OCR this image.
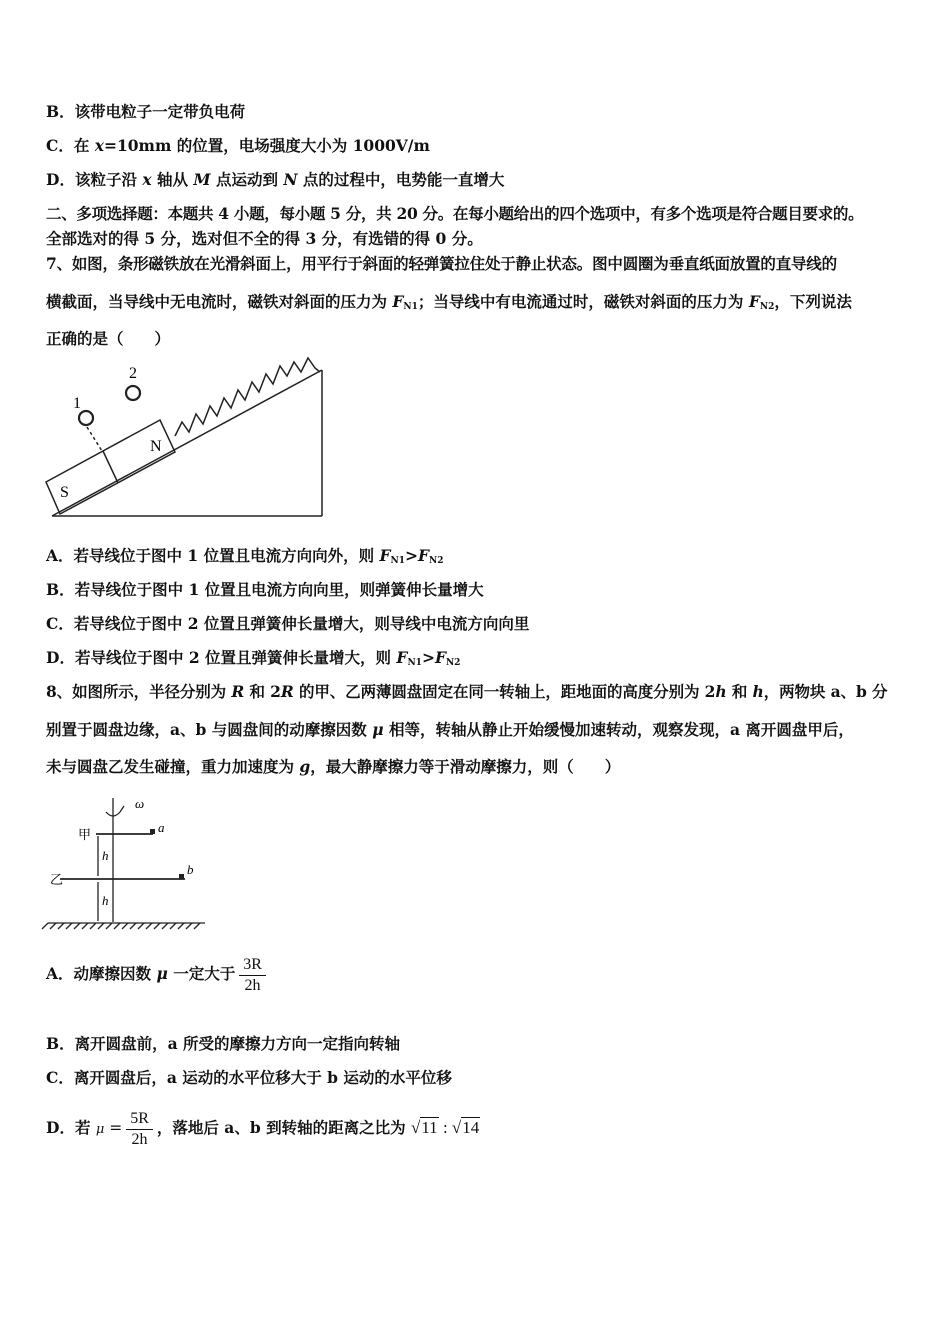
B．该带电粒子一定带负电荷
C．在 x=10mm 的位置，电场强度大小为 1000V/m
D．该粒子沿 x 轴从 M 点运动到 N 点的过程中，电势能一直增大
二、多项选择题：本题共 4 小题，每小题 5 分，共 20 分。在每小题给出的四个选项中，有多个选项是符合题目要求的。
全部选对的得 5 分，选对但不全的得 3 分，有选错的得 0 分。
7、如图，条形磁铁放在光滑斜面上，用平行于斜面的轻弹簧拉住处于静止状态。图中圆圈为垂直纸面放置的直导线的
横截面，当导线中无电流时，磁铁对斜面的压力为 $F_{N1}$；当导线中有电流通过时，磁铁对斜面的压力为 $F_{N2}$，下列说法
正确的是（　　）
1
2
N
S
A．若导线位于图中 1 位置且电流方向向外，则 $F_{N1}>F_{N2}$
B．若导线位于图中 1 位置且电流方向向里，则弹簧伸长量增大
C．若导线位于图中 2 位置且弹簧伸长量增大，则导线中电流方向向里
D．若导线位于图中 2 位置且弹簧伸长量增大，则 $F_{N1}>F_{N2}$
8、如图所示，半径分别为 R 和 2R 的甲、乙两薄圆盘固定在同一转轴上，距地面的高度分别为 2h 和 h，两物块 a、b 分
别置于圆盘边缘，a、b 与圆盘间的动摩擦因数 μ 相等，转轴从静止开始缓慢加速转动，观察发现，a 离开圆盘甲后，
未与圆盘乙发生碰撞，重力加速度为 g，最大静摩擦力等于滑动摩擦力，则（　　）
ω
甲
乙
a
b
h
h
A．动摩擦因数 μ 一定大于 $\frac{3R}{2h}$
B．离开圆盘前，a 所受的摩擦力方向一定指向转轴
C．离开圆盘后，a 运动的水平位移大于 b 运动的水平位移
D．若 $\mu = \frac{5R}{2h}$ ，落地后 a、b 到转轴的距离之比为 √11 : √14
